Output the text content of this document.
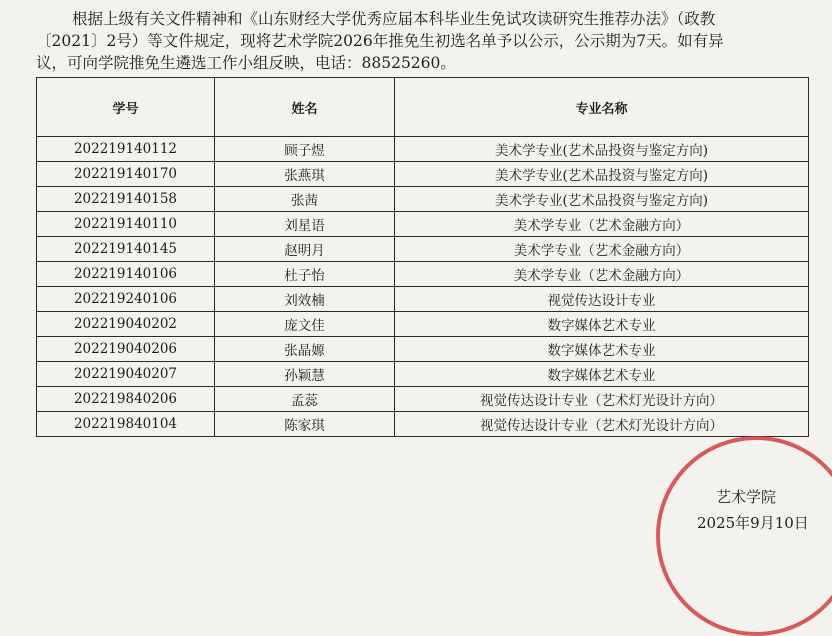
根据上级有关文件精神和《山东财经大学优秀应届本科毕业生免试攻读研究生推荐办法》（政教

〔2021〕2号）等文件规定，现将艺术学院2026年推免生初选名单予以公示，公示期为7天。如有异

议，可向学院推免生遴选工作小组反映，电话：88525260。

学号	姓名	专业名称
202219140112	顾子煜	美术学专业(艺术品投资与鉴定方向)
202219140170	张燕琪	美术学专业(艺术品投资与鉴定方向)
202219140158	张茜	美术学专业(艺术品投资与鉴定方向)
202219140110	刘星语	美术学专业（艺术金融方向）
202219140145	赵明月	美术学专业（艺术金融方向）
202219140106	杜子怡	美术学专业（艺术金融方向）
202219240106	刘效楠	视觉传达设计专业
202219040202	庞文佳	数字媒体艺术专业
202219040206	张晶嫄	数字媒体艺术专业
202219040207	孙颖慧	数字媒体艺术专业
202219840206	孟蕊	视觉传达设计专业（艺术灯光设计方向）
202219840104	陈家琪	视觉传达设计专业（艺术灯光设计方向）
艺术学院
2025年9月10日
